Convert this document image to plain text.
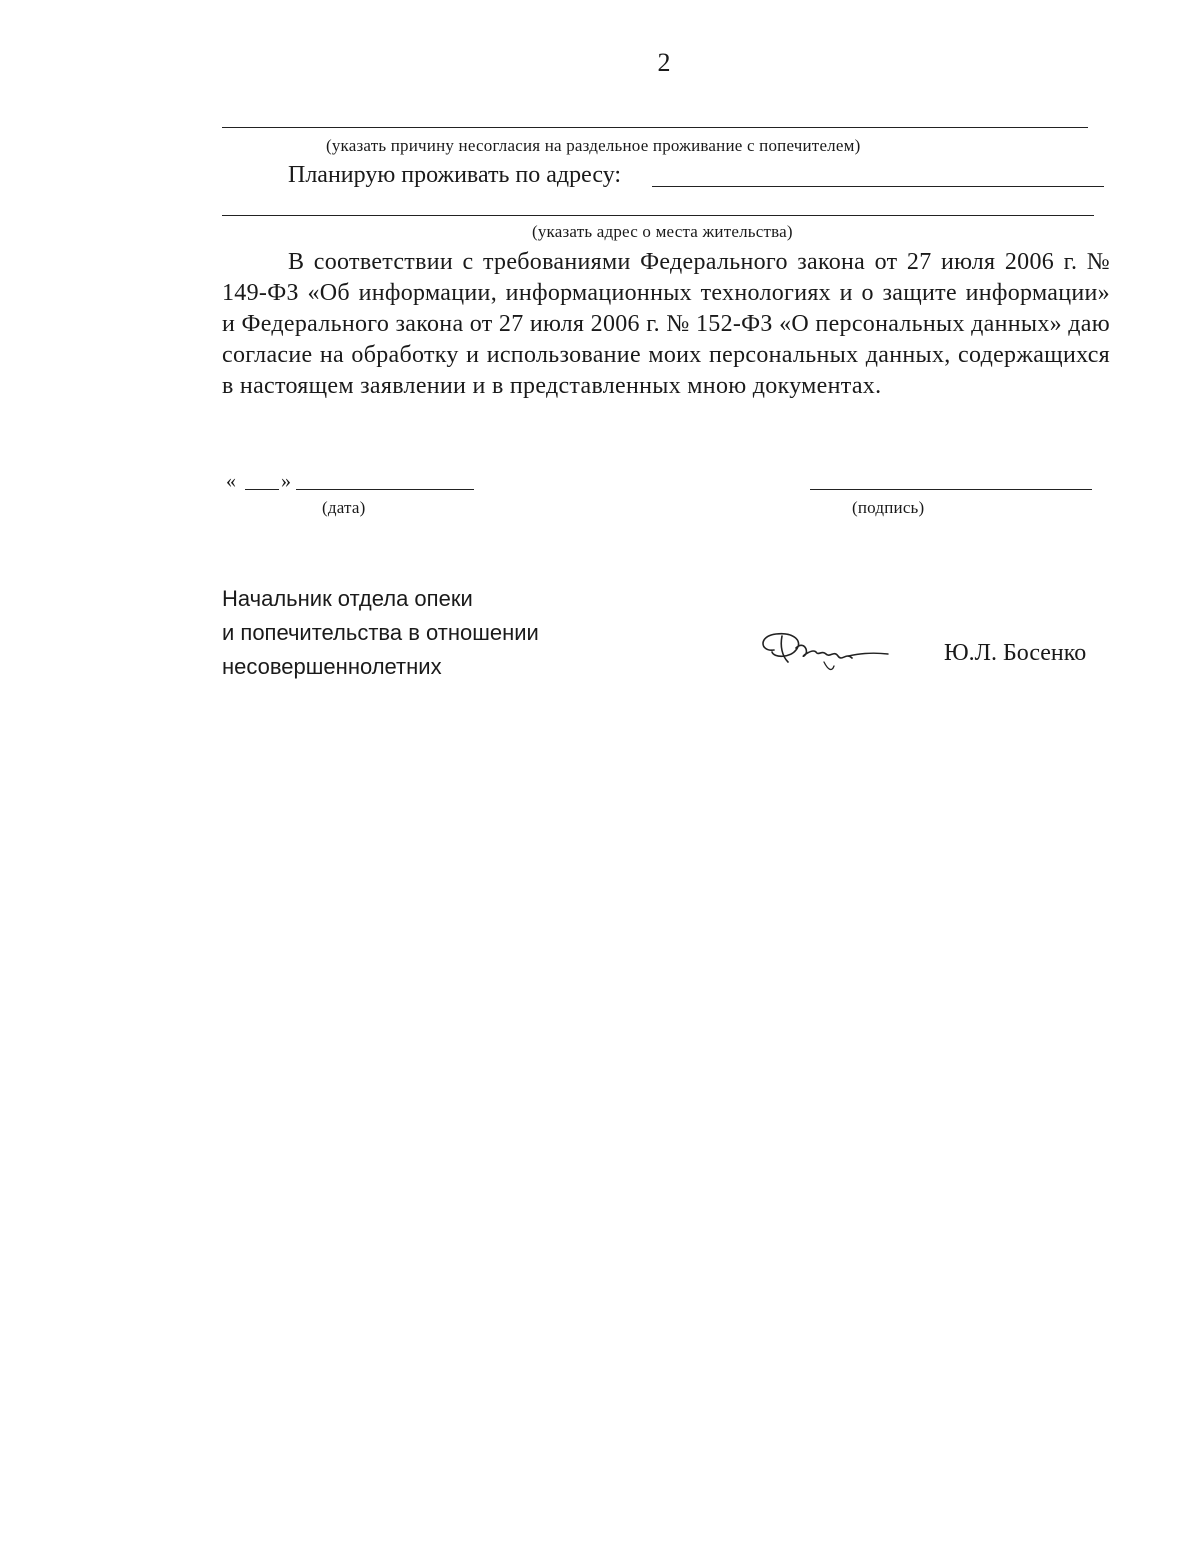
2
(указать причину несогласия на раздельное проживание с попечителем)
Планирую проживать по адресу:
(указать адрес о места жительства)
В соответствии с требованиями Федерального закона от 27 июля 2006 г. № 149-ФЗ «Об информации, информационных технологиях и о защите информации» и Федерального закона от 27 июля 2006 г. № 152-ФЗ «О персональных данных» даю согласие на обработку и использование моих персональных данных, содержащихся в настоящем заявлении и в представленных мною документах.
« »
(дата)	(подпись)
Начальник отдела опеки
и попечительства в отношении
несовершеннолетних
Ю.Л. Босенко
